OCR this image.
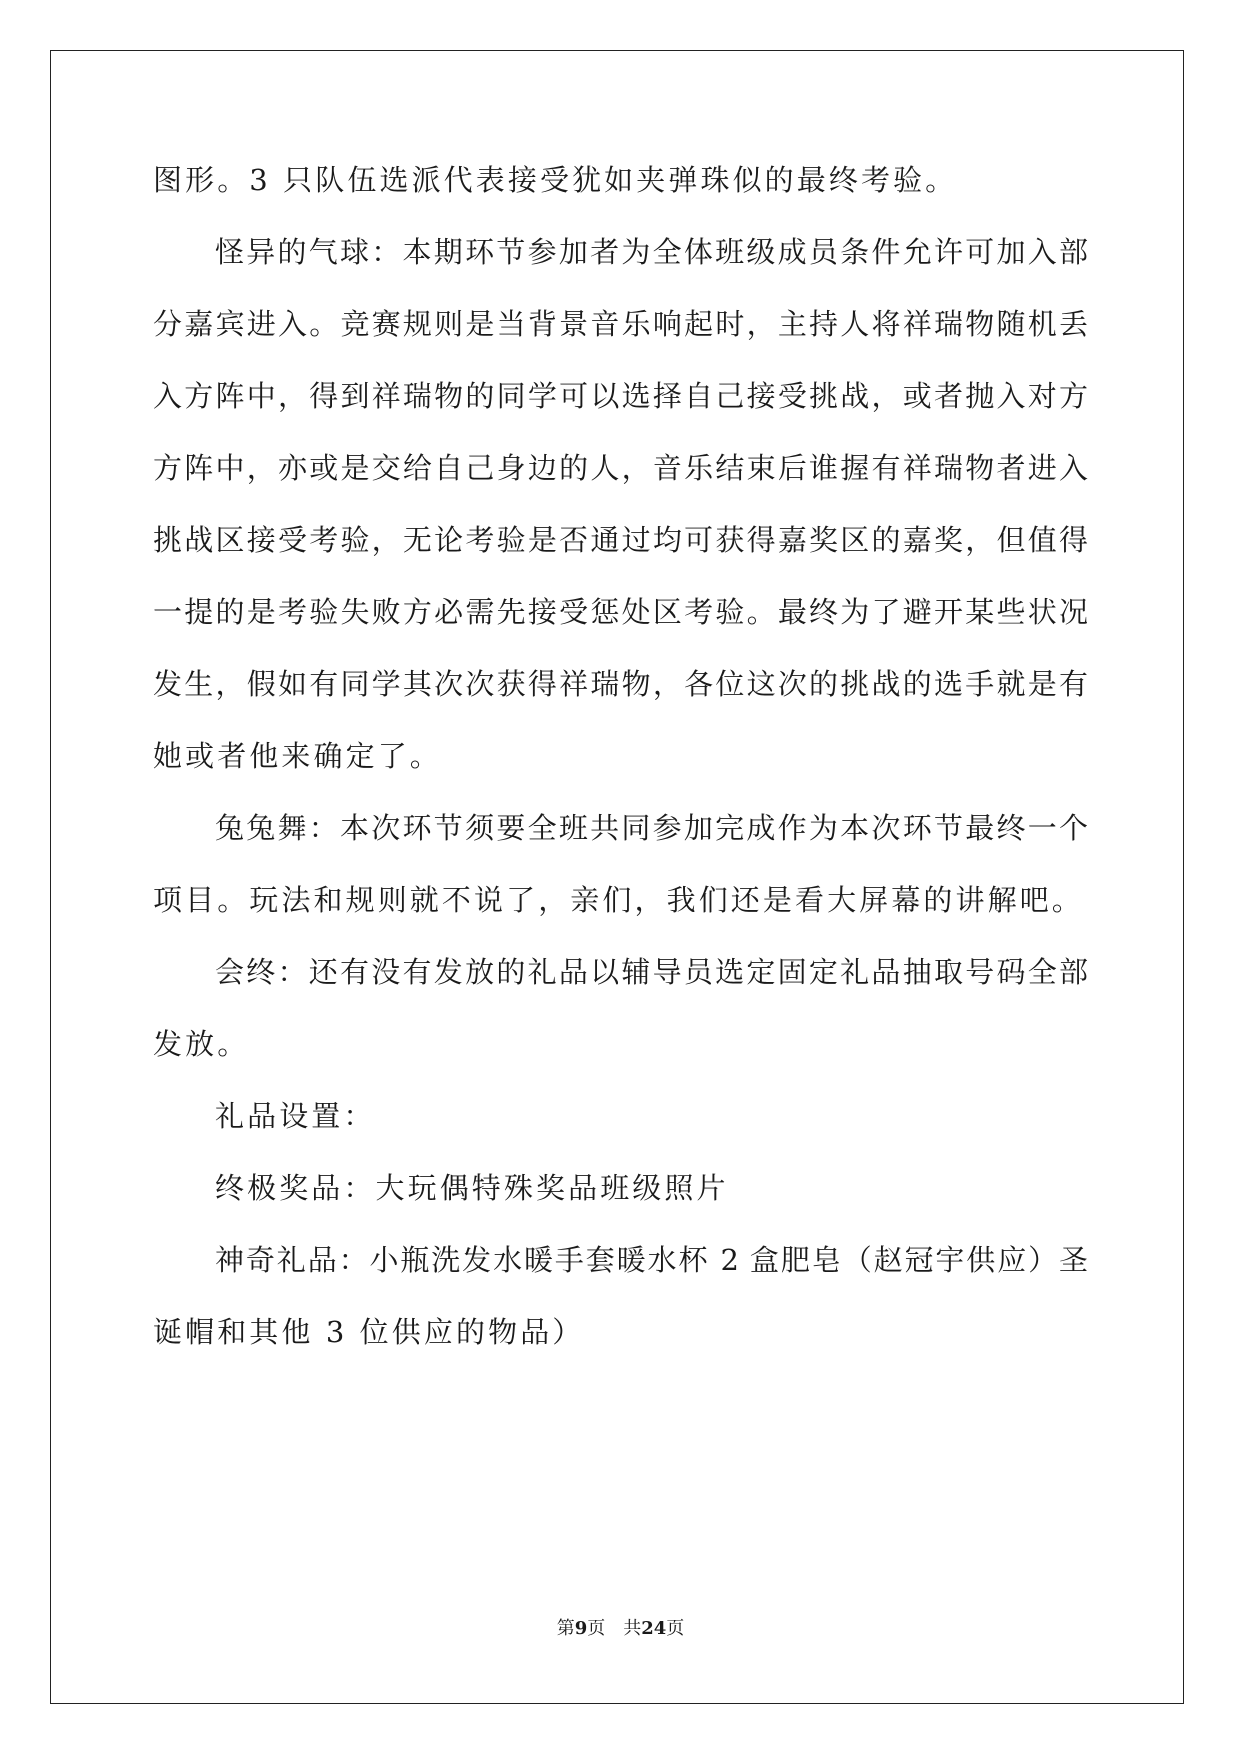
图形。3 只队伍选派代表接受犹如夹弹珠似的最终考验。
怪异的气球：本期环节参加者为全体班级成员条件允许可加入部
分嘉宾进入。竞赛规则是当背景音乐响起时，主持人将祥瑞物随机丢
入方阵中，得到祥瑞物的同学可以选择自己接受挑战，或者抛入对方
方阵中，亦或是交给自己身边的人，音乐结束后谁握有祥瑞物者进入
挑战区接受考验，无论考验是否通过均可获得嘉奖区的嘉奖，但值得
一提的是考验失败方必需先接受惩处区考验。最终为了避开某些状况
发生，假如有同学其次次获得祥瑞物，各位这次的挑战的选手就是有
她或者他来确定了。
兔兔舞：本次环节须要全班共同参加完成作为本次环节最终一个
项目。玩法和规则就不说了，亲们，我们还是看大屏幕的讲解吧。
会终：还有没有发放的礼品以辅导员选定固定礼品抽取号码全部
发放。
礼品设置：
终极奖品：大玩偶特殊奖品班级照片
神奇礼品：小瓶洗发水暖手套暖水杯 2 盒肥皂（赵冠宇供应）圣
诞帽和其他 3 位供应的物品）
第9页 共24页
